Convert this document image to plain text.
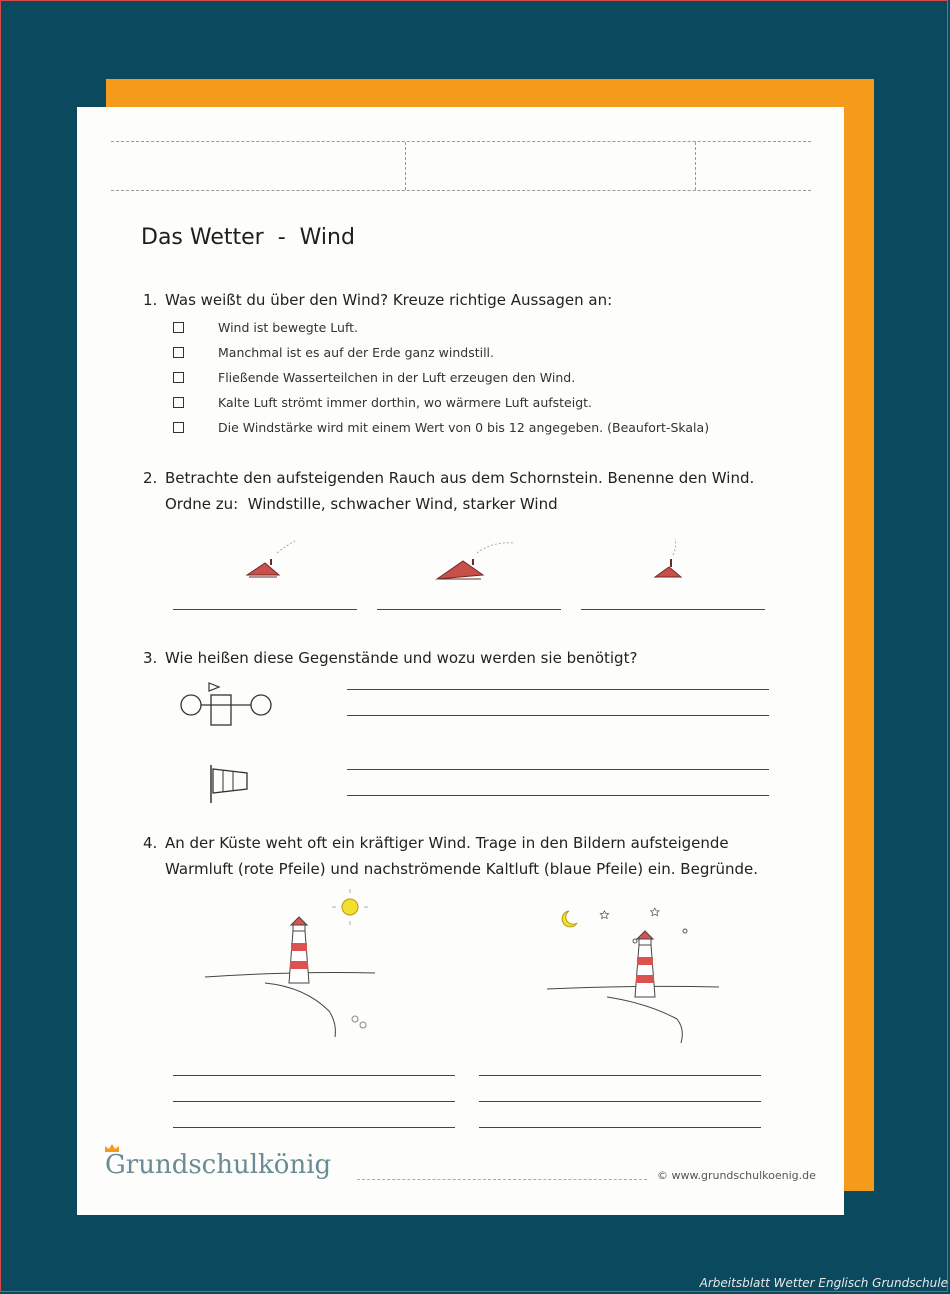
Das Wetter  -  Wind
1. Was weißt du über den Wind? Kreuze richtige Aussagen an:
Wind ist bewegte Luft.
Manchmal ist es auf der Erde ganz windstill.
Fließende Wasserteilchen in der Luft erzeugen den Wind.
Kalte Luft strömt immer dorthin, wo wärmere Luft aufsteigt.
Die Windstärke wird mit einem Wert von 0 bis 12 angegeben. (Beaufort-Skala)
2. Betrachte den aufsteigenden Rauch aus dem Schornstein. Benenne den Wind.
Ordne zu:  Windstille, schwacher Wind, starker Wind
3. Wie heißen diese Gegenstände und wozu werden sie benötigt?
4. An der Küste weht oft ein kräftiger Wind. Trage in den Bildern aufsteigende
Warmluft (rote Pfeile) und nachströmende Kaltluft (blaue Pfeile) ein. Begründe.
Grundschulkönig	© www.grundschulkoenig.de
Arbeitsblatt Wetter Englisch Grundschule
